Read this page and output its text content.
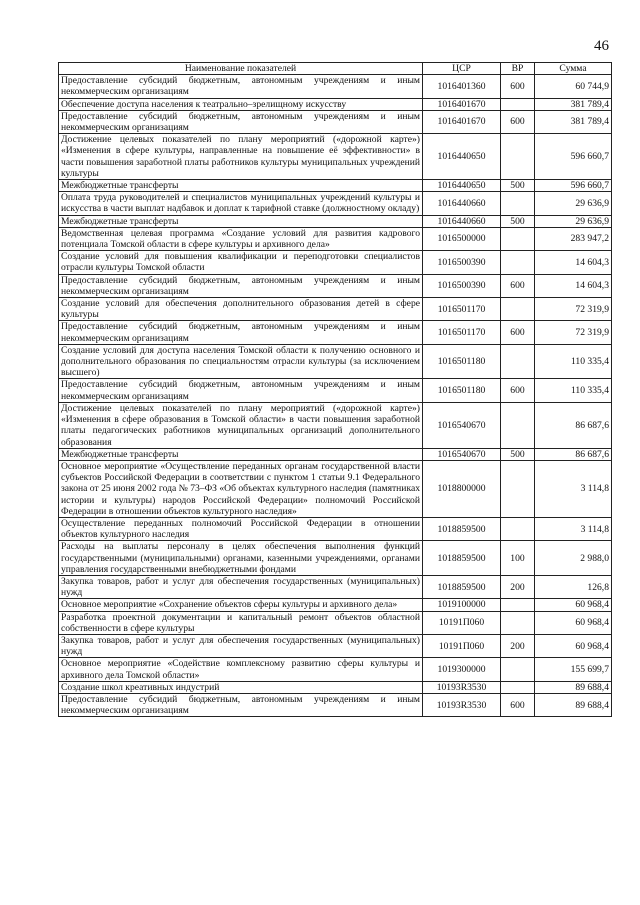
46
Наименование показателей	ЦСР	ВР	Сумма
Предоставление субсидий бюджетным, автономным учреждениям и иным некоммерческим организациям	1016401360	600	60 744,9
Обеспечение доступа населения к театрально–зрелищному искусству	1016401670		381 789,4
Предоставление субсидий бюджетным, автономным учреждениям и иным некоммерческим организациям	1016401670	600	381 789,4
Достижение целевых показателей по плану мероприятий («дорожной карте») «Изменения в сфере культуры, направленные на повышение её эффективности» в части повышения заработной платы работников культуры муниципальных учреждений культуры	1016440650		596 660,7
Межбюджетные трансферты	1016440650	500	596 660,7
Оплата труда руководителей и специалистов муниципальных учреждений культуры и искусства в части выплат надбавок и доплат к тарифной ставке (должностному окладу)	1016440660		29 636,9
Межбюджетные трансферты	1016440660	500	29 636,9
Ведомственная целевая программа «Создание условий для развития кадрового потенциала Томской области в сфере культуры и архивного дела»	1016500000		283 947,2
Создание условий для повышения квалификации и переподготовки специалистов отрасли культуры Томской области	1016500390		14 604,3
Предоставление субсидий бюджетным, автономным учреждениям и иным некоммерческим организациям	1016500390	600	14 604,3
Создание условий для обеспечения дополнительного образования детей в сфере культуры	1016501170		72 319,9
Предоставление субсидий бюджетным, автономным учреждениям и иным некоммерческим организациям	1016501170	600	72 319,9
Создание условий для доступа населения Томской области к получению основного и дополнительного образования по специальностям отрасли культуры (за исключением высшего)	1016501180		110 335,4
Предоставление субсидий бюджетным, автономным учреждениям и иным некоммерческим организациям	1016501180	600	110 335,4
Достижение целевых показателей по плану мероприятий («дорожной карте») «Изменения в сфере образования в Томской области» в части повышения заработной платы педагогических работников муниципальных организаций дополнительного образования	1016540670		86 687,6
Межбюджетные трансферты	1016540670	500	86 687,6
Основное мероприятие «Осуществление переданных органам государственной власти субъектов Российской Федерации в соответствии с пунктом 1 статьи 9.1 Федерального закона от 25 июня 2002 года № 73–ФЗ «Об объектах культурного наследия (памятниках истории и культуры) народов Российской Федерации» полномочий Российской Федерации в отношении объектов культурного наследия»	1018800000		3 114,8
Осуществление переданных полномочий Российской Федерации в отношении объектов культурного наследия	1018859500		3 114,8
Расходы на выплаты персоналу в целях обеспечения выполнения функций государственными (муниципальными) органами, казенными учреждениями, органами управления государственными внебюджетными фондами	1018859500	100	2 988,0
Закупка товаров, работ и услуг для обеспечения государственных (муниципальных) нужд	1018859500	200	126,8
Основное мероприятие «Сохранение объектов сферы культуры и архивного дела»	1019100000		60 968,4
Разработка проектной документации и капитальный ремонт объектов областной собственности в сфере культуры	10191П060		60 968,4
Закупка товаров, работ и услуг для обеспечения государственных (муниципальных) нужд	10191П060	200	60 968,4
Основное мероприятие «Содействие комплексному развитию сферы культуры и архивного дела Томской области»	1019300000		155 699,7
Создание школ креативных индустрий	10193R3530		89 688,4
Предоставление субсидий бюджетным, автономным учреждениям и иным некоммерческим организациям	10193R3530	600	89 688,4
